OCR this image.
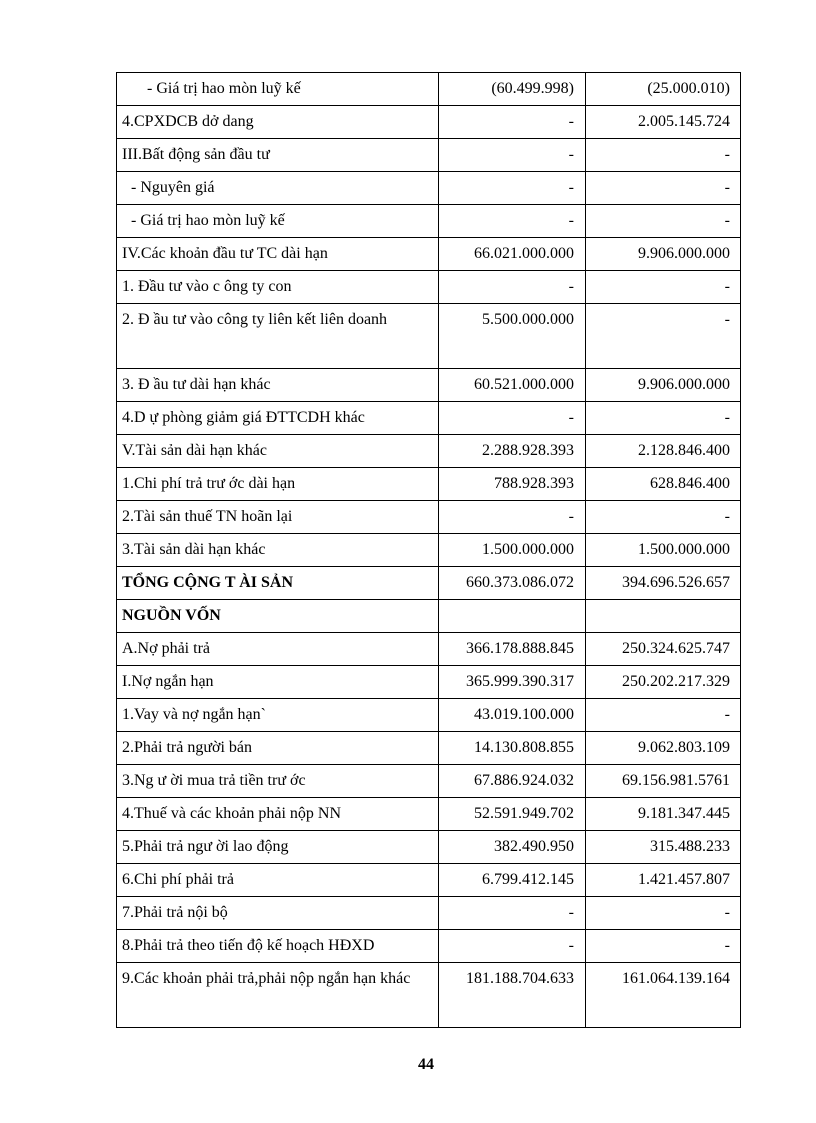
- Giá trị hao mòn luỹ kế	(60.499.998)	(25.000.010)
4.CPXDCB dở dang	-	2.005.145.724
III.Bất động sản đầu tư	-	-
- Nguyên giá	-	-
- Giá trị hao mòn luỹ kế	-	-
IV.Các khoản đầu tư TC dài hạn	66.021.000.000	9.906.000.000
1. Đầu tư vào c ông ty con	-	-
2. Đ ầu tư vào công ty liên kết liên doanh	5.500.000.000	-
3. Đ ầu tư dài hạn khác	60.521.000.000	9.906.000.000
4.D ự phòng giảm giá ĐTTCDH khác	-	-
V.Tài sản dài hạn khác	2.288.928.393	2.128.846.400
1.Chi phí trả trư ớc dài hạn	788.928.393	628.846.400
2.Tài sản thuế TN hoãn lại	-	-
3.Tài sản dài hạn khác	1.500.000.000	1.500.000.000
TỔNG CỘNG T ÀI SẢN	660.373.086.072	394.696.526.657
NGUỒN VỐN		
A.Nợ phải trả	366.178.888.845	250.324.625.747
I.Nợ ngắn hạn	365.999.390.317	250.202.217.329
1.Vay và nợ ngắn hạn`	43.019.100.000	-
2.Phải trả người bán	14.130.808.855	9.062.803.109
3.Ng ư ời mua trả tiền trư ớc	67.886.924.032	69.156.981.5761
4.Thuế và các khoản phải nộp NN	52.591.949.702	9.181.347.445
5.Phải trả ngư ời lao động	382.490.950	315.488.233
6.Chi phí phải trả	6.799.412.145	1.421.457.807
7.Phải trả nội bộ	-	-
8.Phải trả theo tiến độ kế hoạch HĐXD	-	-
9.Các khoản phải trả,phải nộp ngắn hạn khác	181.188.704.633	161.064.139.164
44
